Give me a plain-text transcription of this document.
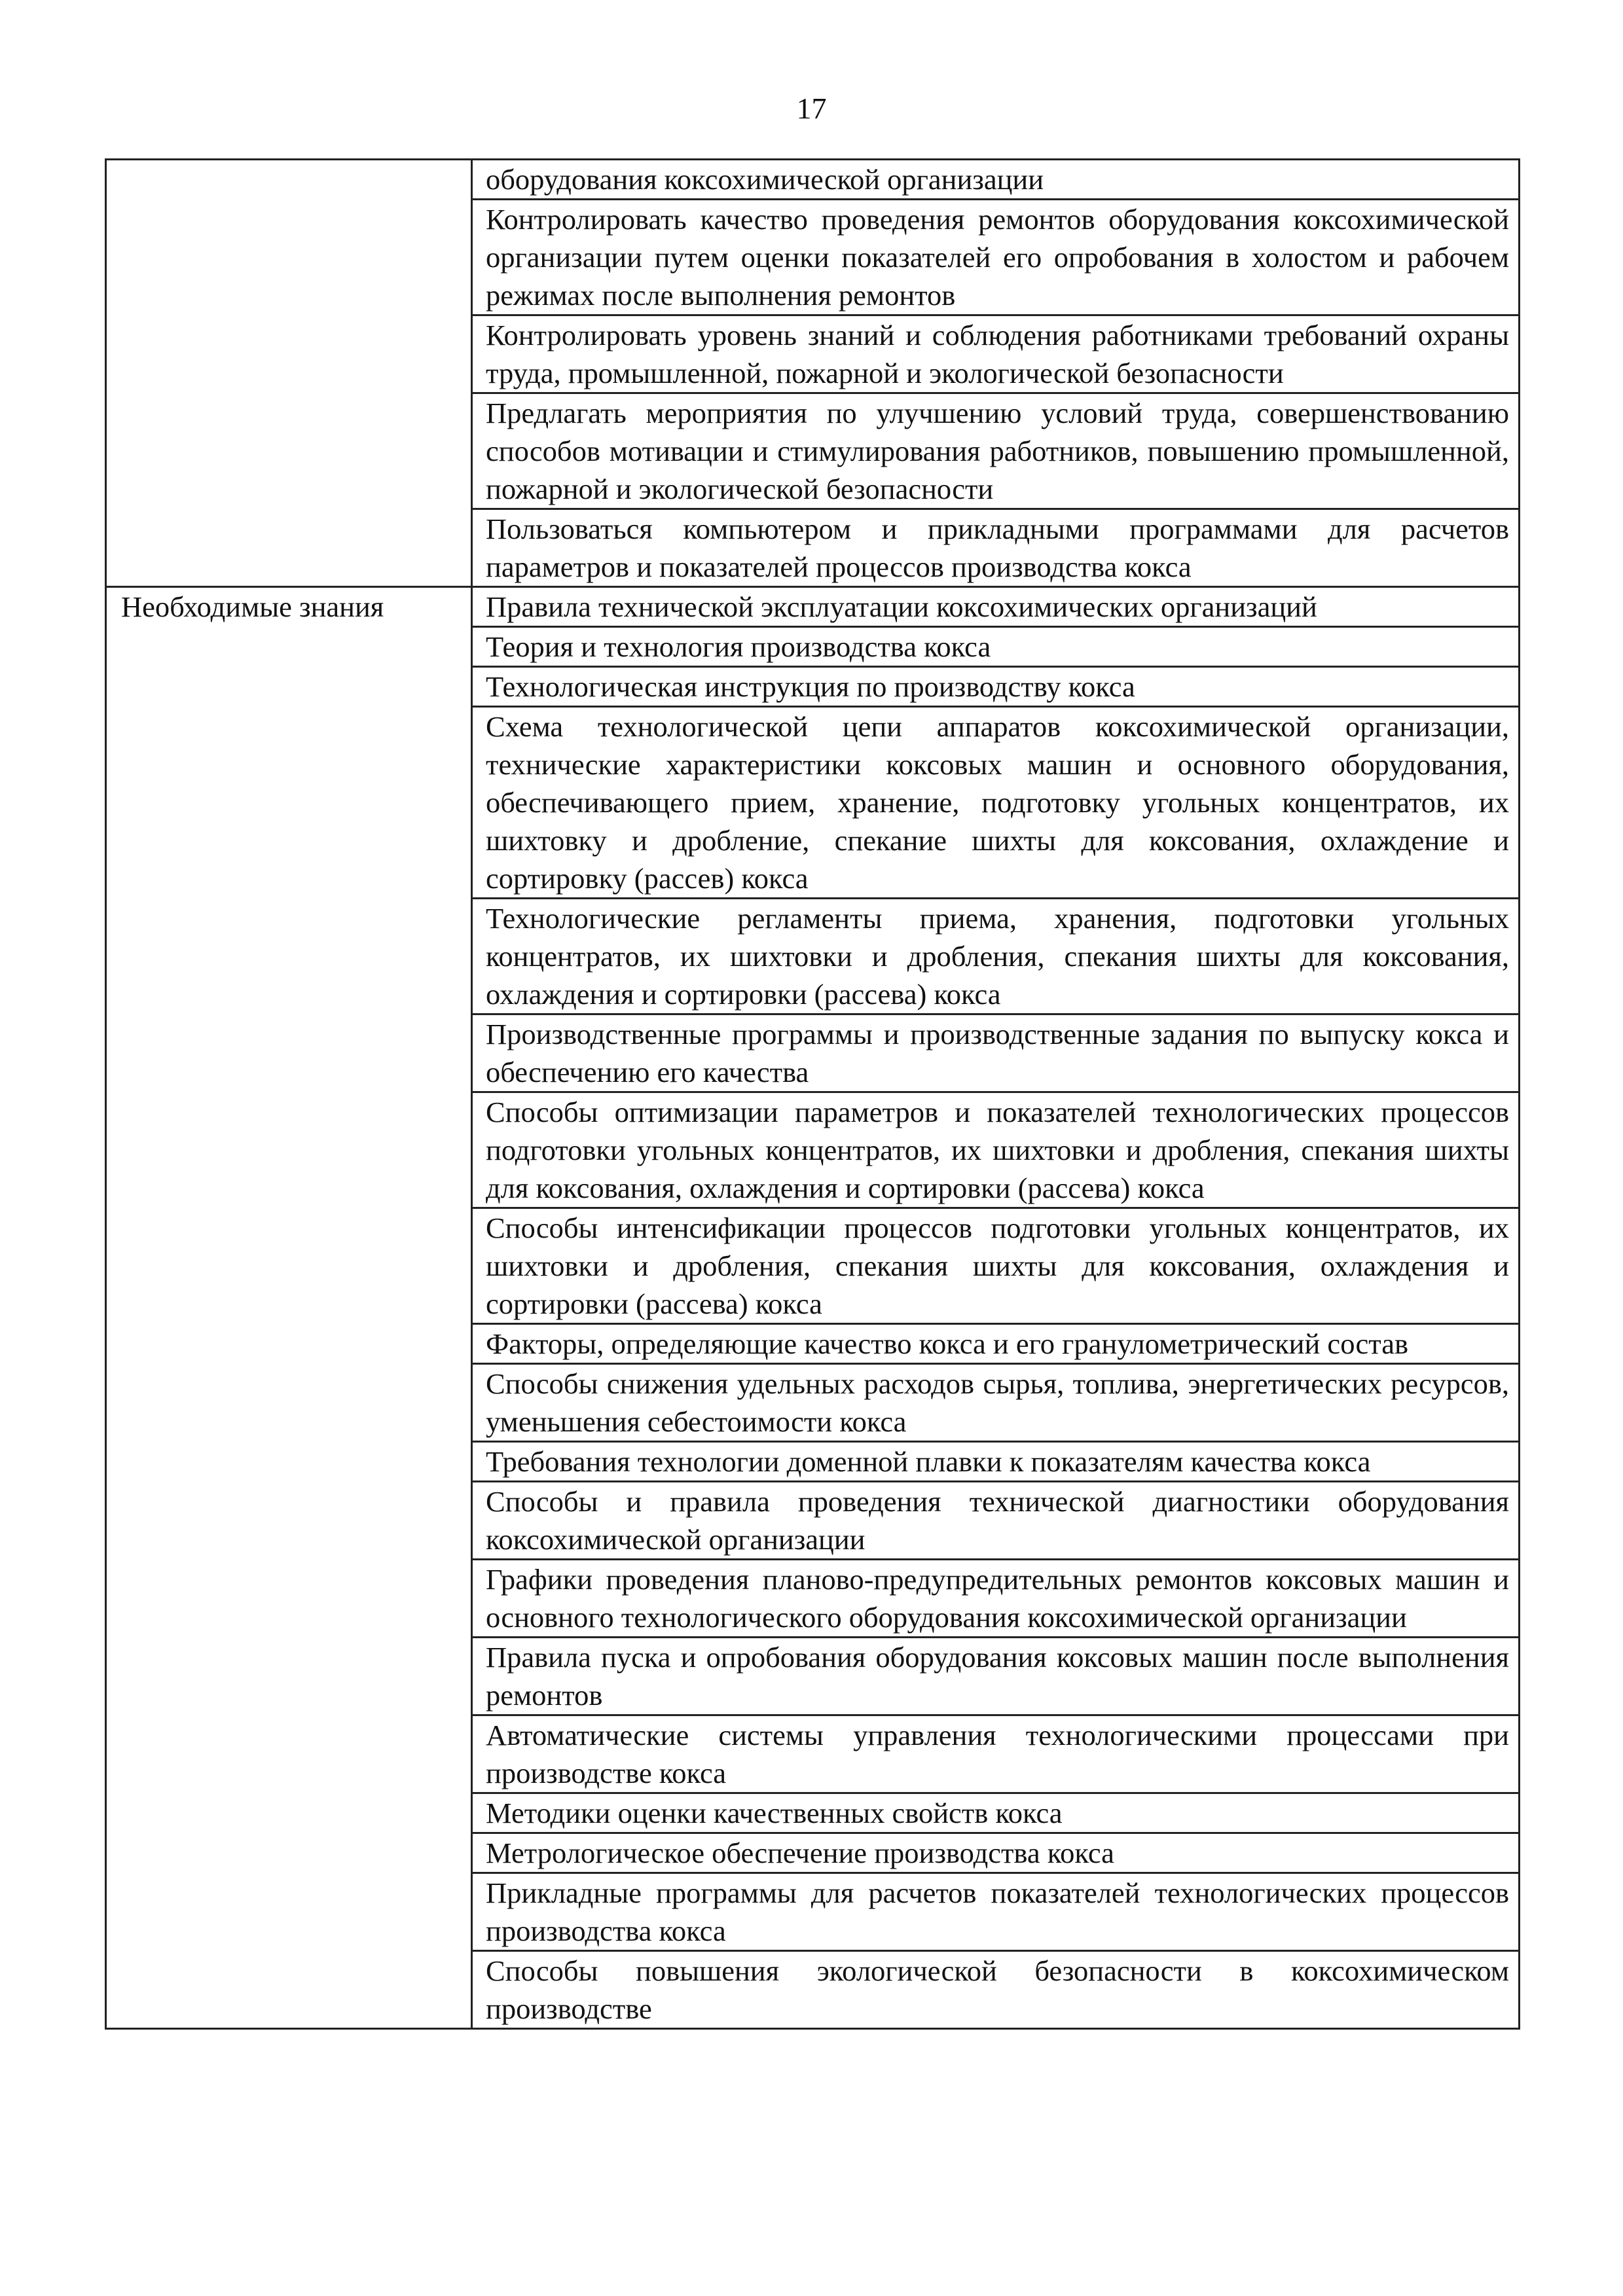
17
	оборудования коксохимической организации
	Контролировать качество проведения ремонтов оборудования коксохимической организации путем оценки показателей его опробования в холостом и рабочем режимах после выполнения ремонтов
	Контролировать уровень знаний и соблюдения работниками требований охраны труда, промышленной, пожарной и экологической безопасности
	Предлагать мероприятия по улучшению условий труда, совершенствованию способов мотивации и стимулирования работников, повышению промышленной, пожарной и экологической безопасности
	Пользоваться компьютером и прикладными программами для расчетов параметров и показателей процессов производства кокса
Необходимые знания	Правила технической эксплуатации коксохимических организаций
	Теория и технология производства кокса
	Технологическая инструкция по производству кокса
	Схема технологической цепи аппаратов коксохимической организации, технические характеристики коксовых машин и основного оборудования, обеспечивающего прием, хранение, подготовку угольных концентратов, их шихтовку и дробление, спекание шихты для коксования, охлаждение и сортировку (рассев) кокса
	Технологические регламенты приема, хранения, подготовки угольных концентратов, их шихтовки и дробления, спекания шихты для коксования, охлаждения и сортировки (рассева) кокса
	Производственные программы и производственные задания по выпуску кокса и обеспечению его качества
	Способы оптимизации параметров и показателей технологических процессов подготовки угольных концентратов, их шихтовки и дробления, спекания шихты для коксования, охлаждения и сортировки (рассева) кокса
	Способы интенсификации процессов подготовки угольных концентратов, их шихтовки и дробления, спекания шихты для коксования, охлаждения и сортировки (рассева) кокса
	Факторы, определяющие качество кокса и его гранулометрический состав
	Способы снижения удельных расходов сырья, топлива, энергетических ресурсов, уменьшения себестоимости кокса
	Требования технологии доменной плавки к показателям качества кокса
	Способы и правила проведения технической диагностики оборудования коксохимической организации
	Графики проведения планово-предупредительных ремонтов коксовых машин и основного технологического оборудования коксохимической организации
	Правила пуска и опробования оборудования коксовых машин после выполнения ремонтов
	Автоматические системы управления технологическими процессами при производстве кокса
	Методики оценки качественных свойств кокса
	Метрологическое обеспечение производства кокса
	Прикладные программы для расчетов показателей технологических процессов производства кокса
	Способы повышения экологической безопасности в коксохимическом производстве
